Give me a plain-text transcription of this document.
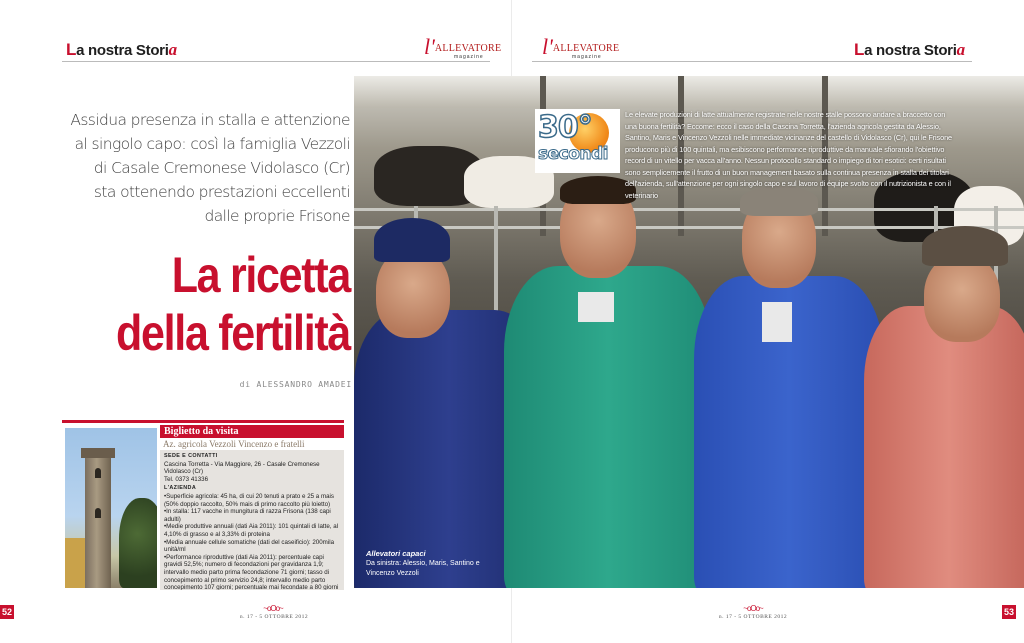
La nostra Storia	l'ALLEVATORE
magazine
Assidua presenza in stalla e attenzione
al singolo capo: così la famiglia Vezzoli
di Casale Cremonese Vidolasco (Cr)
sta ottenendo prestazioni eccellenti
dalle proprie Frisone
La ricetta
della fertilità
di ALESSANDRO AMADEI
Biglietto da visita
Az. agricola Vezzoli Vincenzo e fratelli
SEDE E CONTATTI
Cascina Torretta - Via Maggiore, 26 - Casale Cremonese Vidolasco (Cr)
Tel. 0373 41336
L'AZIENDA
• Superficie agricola: 45 ha, di cui 20 tenuti a prato e 25 a mais (50% doppio raccolto, 50% mais di primo raccolto più loietto)
• In stalla: 117 vacche in mungitura di razza Frisona (138 capi adulti)
• Medie produttive annuali (dati Aia 2011): 101 quintali di latte, al 4,10% di grasso e al 3,33% di proteina
• Media annuale cellule somatiche (dati del caseificio): 200mila unità/ml
• Performance riproduttive (dati Aia 2011): percentuale capi gravidi 52,5%; numero di fecondazioni per gravidanza 1,9; intervallo medio parto prima fecondazione 71 giorni; tasso di concepimento al primo servizio 24,8; intervallo medio parto concepimento 107 giorni; percentuale mai fecondate a 80 giorni
52	~oOo~
n. 17 - 5 OTTOBRE 2012
l'ALLEVATORE
magazine	La nostra Storia
53
~oOo~
n. 17 - 5 OTTOBRE 2012
30°
secondi
Le elevate produzioni di latte attualmente registrate nelle nostre stalle possono andare a braccetto con una buona fertilità? Eccome: ecco il caso della Cascina Torretta, l'azienda agricola gestita da Alessio, Santino, Maris e Vincenzo Vezzoli nelle immediate vicinanze del castello di Vidolasco (Cr), qui le Frisone producono più di 100 quintali, ma esibiscono performance riproduttive da manuale sfiorando l'obiettivo record di un vitello per vacca all'anno. Nessun protocollo standard o impiego di tori esotici: certi risultati sono semplicemente il frutto di un buon management basato sulla continua presenza in stalla dei titolari dell'azienda, sull'attenzione per ogni singolo capo e sul lavoro di équipe svolto con il nutrizionista e con il veterinario
Allevatori capaci
Da sinistra: Alessio, Maris, Santino e Vincenzo Vezzoli
